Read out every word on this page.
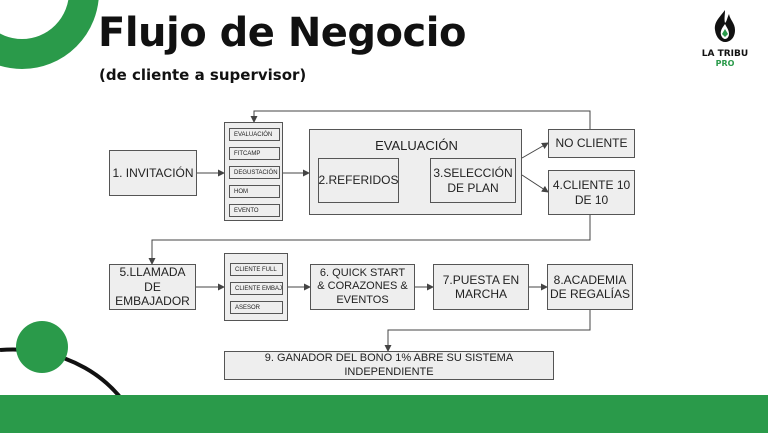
Flujo de Negocio
(de cliente a supervisor)
LA TRIBU
PRO
1. INVITACIÓN
EVALUACIÓN
FITCAMP
DEGUSTACIÓN
HOM
EVENTO
EVALUACIÓN
2.REFERIDOS
3.SELECCIÓN DE PLAN
NO CLIENTE
4.CLIENTE 10 DE 10
5.LLAMADA DE EMBAJADOR
CLIENTE FULL
CLIENTE EMBAJ
ASESOR
6. QUICK START & CORAZONES & EVENTOS
7.PUESTA EN MARCHA
8.ACADEMIA DE REGALÍAS
9. GANADOR DEL BONO 1% ABRE SU SISTEMA INDEPENDIENTE
